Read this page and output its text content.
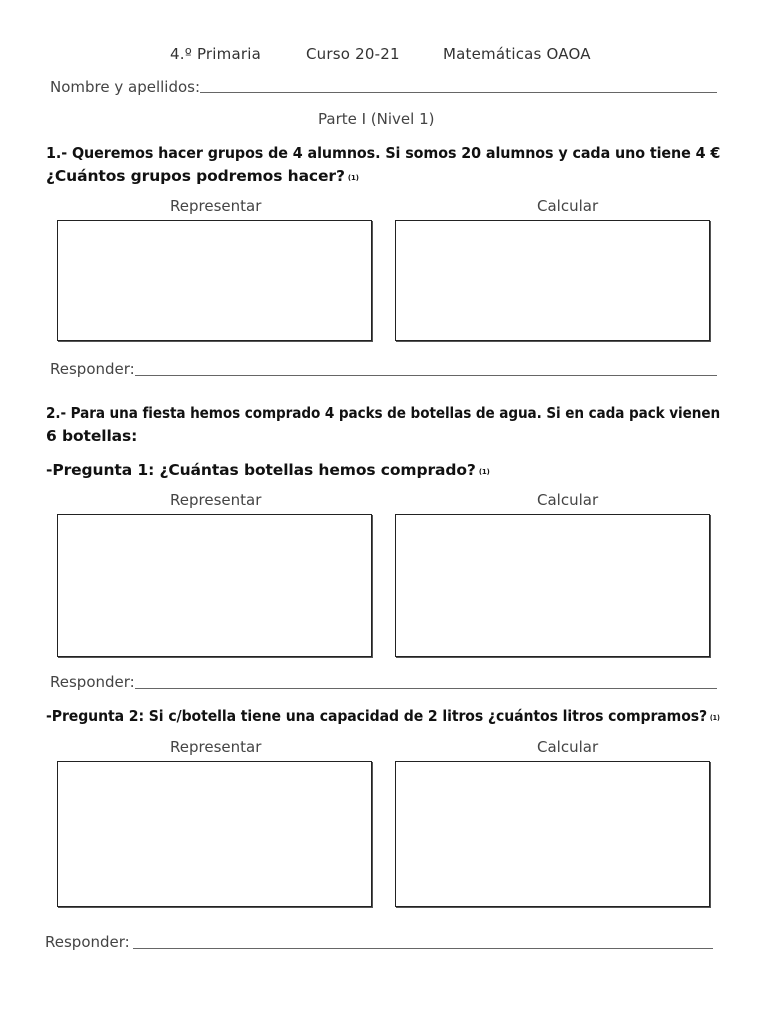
4.º Primaria	Curso 20-21	Matemáticas OAOA
Nombre y apellidos:
Parte I (Nivel 1)
1.- Queremos hacer grupos de 4 alumnos. Si somos 20 alumnos y cada uno tiene 4 €
¿Cuántos grupos podremos hacer? (1)
Representar	Calcular
Responder:
2.- Para una fiesta hemos comprado 4 packs de botellas de agua. Si en cada pack vienen
6 botellas:
-Pregunta 1: ¿Cuántas botellas hemos comprado? (1)
Representar	Calcular
Responder:
-Pregunta 2: Si c/botella tiene una capacidad de 2 litros ¿cuántos litros compramos? (1)
Representar	Calcular
Responder:
